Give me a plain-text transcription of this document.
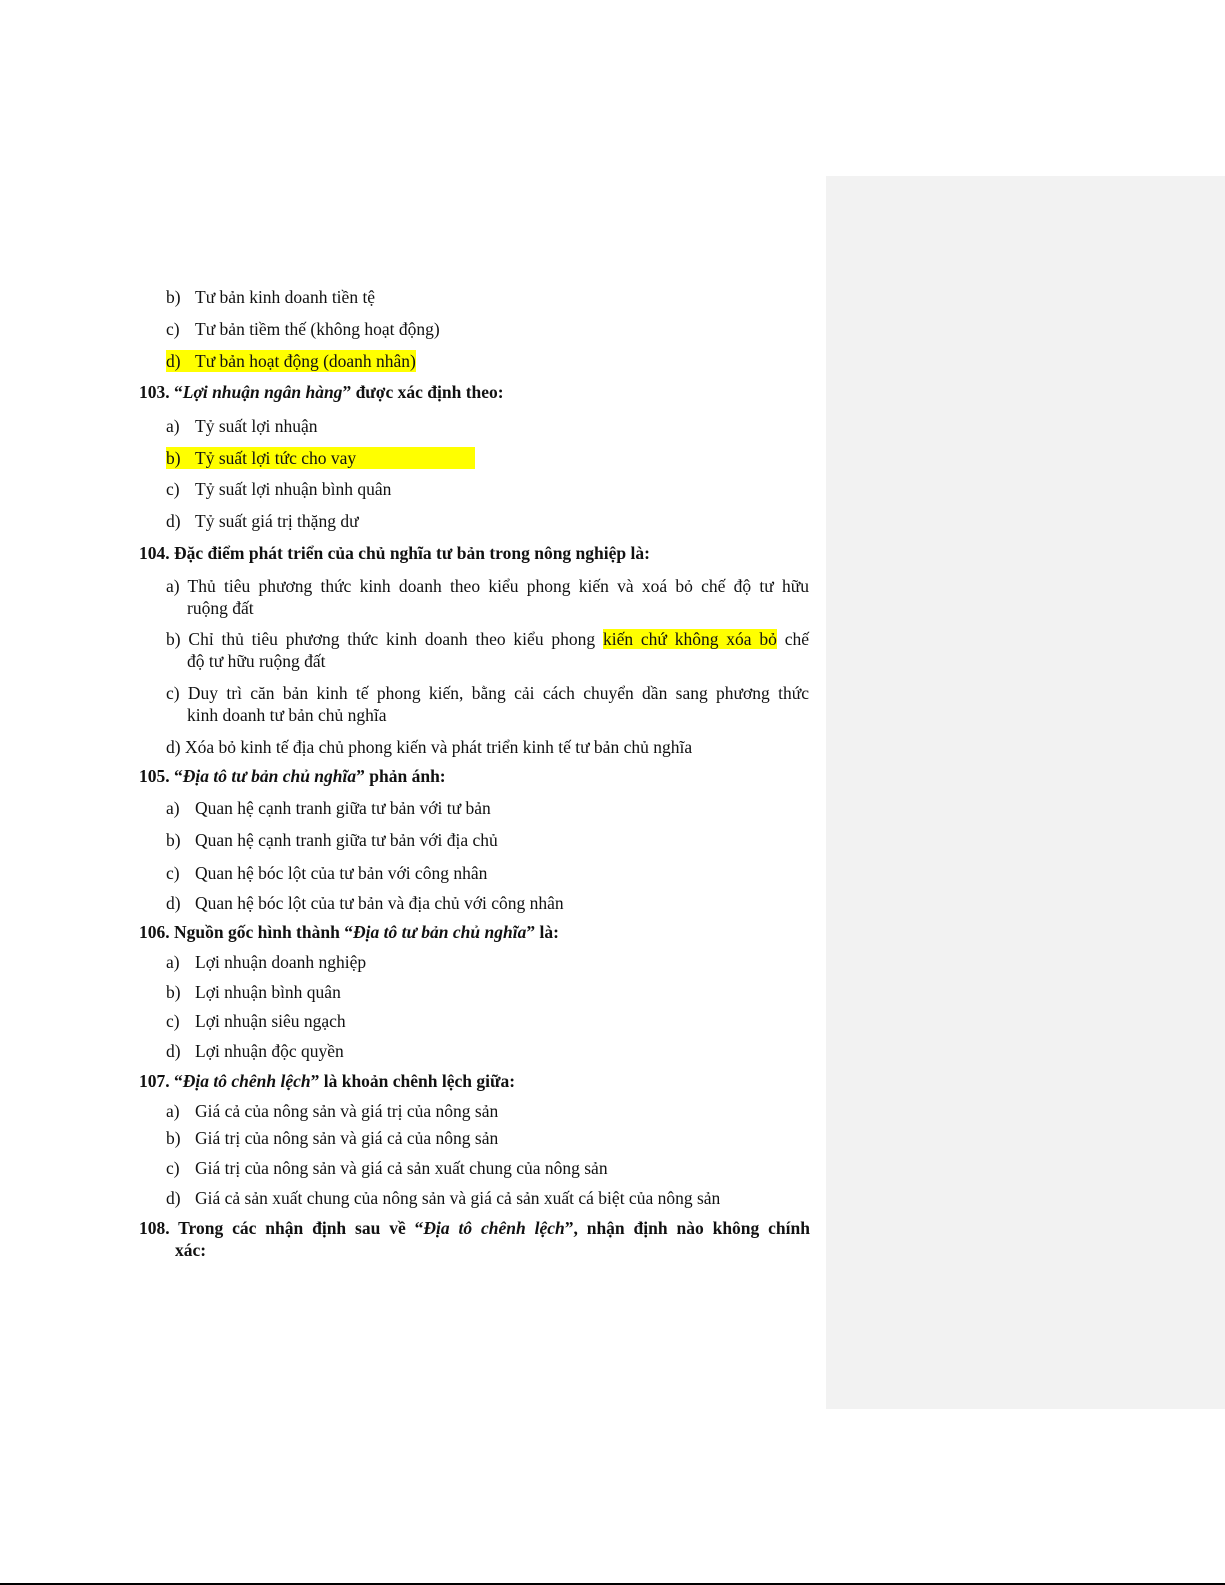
b) Tư bản kinh doanh tiền tệ
c) Tư bản tiềm thế (không hoạt động)
d) Tư bản hoạt động (doanh nhân)
103. “Lợi nhuận ngân hàng” được xác định theo:
a) Tỷ suất lợi nhuận
b) Tỷ suất lợi tức cho vay
c) Tỷ suất lợi nhuận bình quân
d) Tỷ suất giá trị thặng dư
104. Đặc điểm phát triển của chủ nghĩa tư bản trong nông nghiệp là:
a) Thủ tiêu phương thức kinh doanh theo kiểu phong kiến và xoá bỏ chế độ tư hữu
ruộng đất
b) Chỉ thủ tiêu phương thức kinh doanh theo kiểu phong kiến chứ không xóa bỏ chế
độ tư hữu ruộng đất
c) Duy trì căn bản kinh tế phong kiến, bằng cải cách chuyển dần sang phương thức
kinh doanh tư bản chủ nghĩa
d) Xóa bỏ kinh tế địa chủ phong kiến và phát triển kinh tế tư bản chủ nghĩa
105. “Địa tô tư bản chủ nghĩa” phản ánh:
a) Quan hệ cạnh tranh giữa tư bản với tư bản
b) Quan hệ cạnh tranh giữa tư bản với địa chủ
c) Quan hệ bóc lột của tư bản với công nhân
d) Quan hệ bóc lột của tư bản và địa chủ với công nhân
106. Nguồn gốc hình thành “Địa tô tư bản chủ nghĩa” là:
a) Lợi nhuận doanh nghiệp
b) Lợi nhuận bình quân
c) Lợi nhuận siêu ngạch
d) Lợi nhuận độc quyền
107. “Địa tô chênh lệch” là khoản chênh lệch giữa:
a) Giá cả của nông sản và giá trị của nông sản
b) Giá trị của nông sản và giá cả của nông sản
c) Giá trị của nông sản và giá cả sản xuất chung của nông sản
d) Giá cả sản xuất chung của nông sản và giá cả sản xuất cá biệt của nông sản
108. Trong các nhận định sau về “Địa tô chênh lệch”, nhận định nào không chính
xác:
